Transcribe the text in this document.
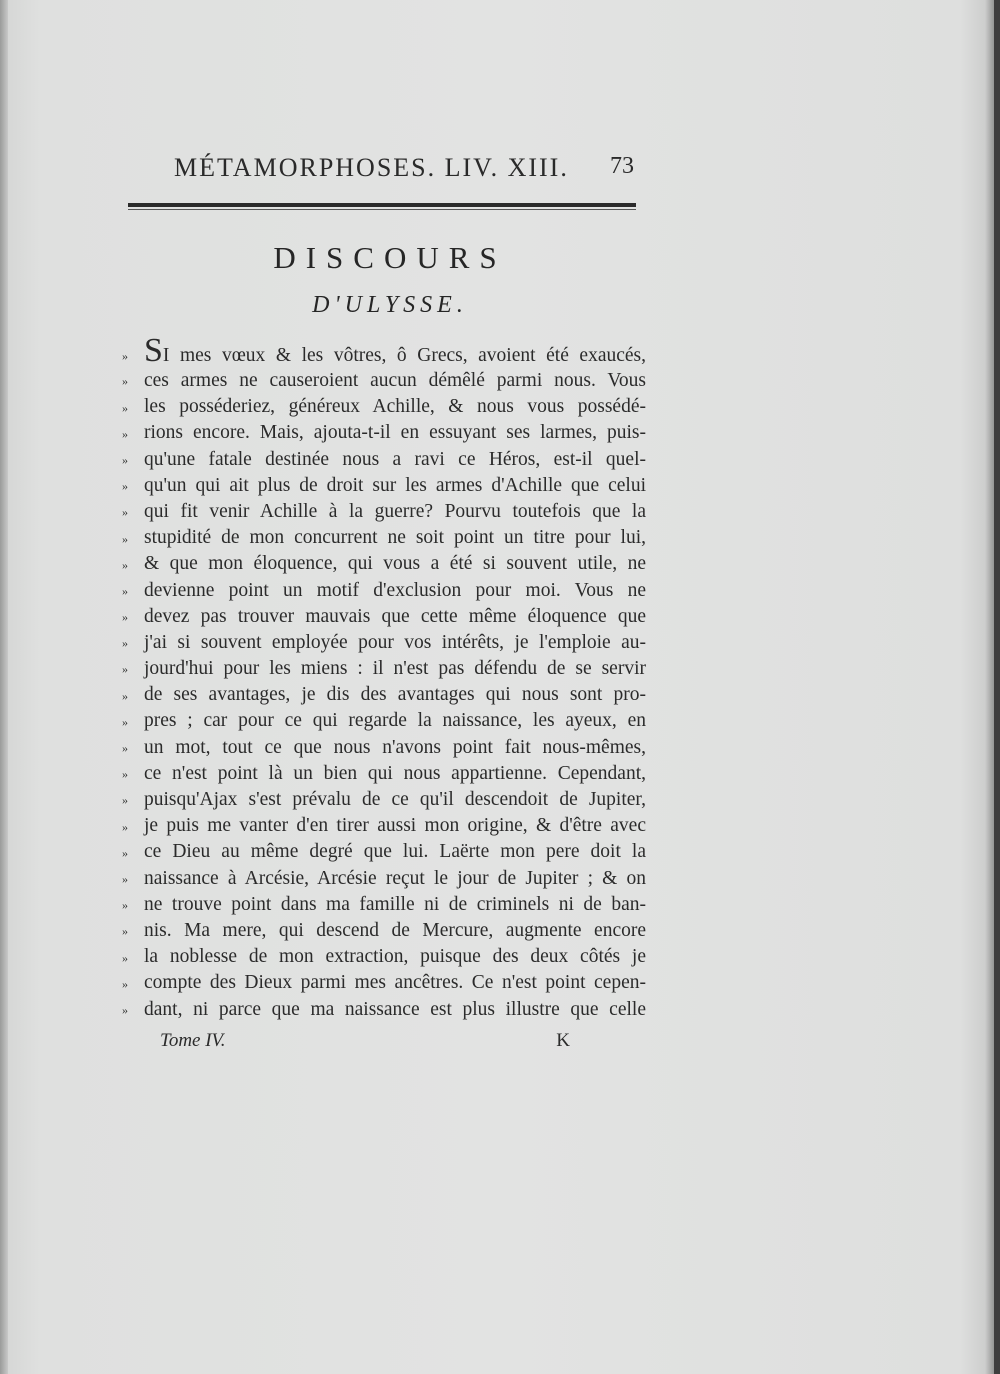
MÉTAMORPHOSES. LIV. XIII. 73
DISCOURS
D'ULYSSE.
» SI mes vœux & les vôtres, ô Grecs, avoient été exaucés,
» ces armes ne causeroient aucun démêlé parmi nous. Vous
» les posséderiez, généreux Achille, & nous vous possédé-
» rions encore. Mais, ajouta-t-il en essuyant ses larmes, puis-
» qu'une fatale destinée nous a ravi ce Héros, est-il quel-
» qu'un qui ait plus de droit sur les armes d'Achille que celui
» qui fit venir Achille à la guerre? Pourvu toutefois que la
» stupidité de mon concurrent ne soit point un titre pour lui,
» & que mon éloquence, qui vous a été si souvent utile, ne
» devienne point un motif d'exclusion pour moi. Vous ne
» devez pas trouver mauvais que cette même éloquence que
» j'ai si souvent employée pour vos intérêts, je l'emploie au-
» jourd'hui pour les miens : il n'est pas défendu de se servir
» de ses avantages, je dis des avantages qui nous sont pro-
» pres ; car pour ce qui regarde la naissance, les ayeux, en
» un mot, tout ce que nous n'avons point fait nous-mêmes,
» ce n'est point là un bien qui nous appartienne. Cependant,
» puisqu'Ajax s'est prévalu de ce qu'il descendoit de Jupiter,
» je puis me vanter d'en tirer aussi mon origine, & d'être avec
» ce Dieu au même degré que lui. Laërte mon pere doit la
» naissance à Arcésie, Arcésie reçut le jour de Jupiter ; & on
» ne trouve point dans ma famille ni de criminels ni de ban-
» nis. Ma mere, qui descend de Mercure, augmente encore
» la noblesse de mon extraction, puisque des deux côtés je
» compte des Dieux parmi mes ancêtres. Ce n'est point cepen-
» dant, ni parce que ma naissance est plus illustre que celle
Tome IV.	K
